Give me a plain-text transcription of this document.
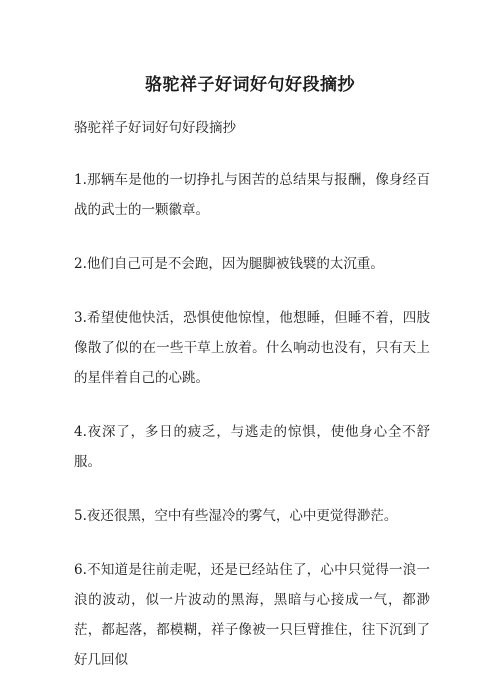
骆驼祥子好词好句好段摘抄

骆驼祥子好词好句好段摘抄

1.那辆车是他的一切挣扎与困苦的总结果与报酬，像身经百战的武士的一颗徽章。

2.他们自己可是不会跑，因为腿脚被钱襞的太沉重。

3.希望使他快活，恐惧使他惊惶，他想睡，但睡不着，四肢像散了似的在一些干草上放着。什么响动也没有，只有天上的星伴着自己的心跳。

4.夜深了，多日的疲乏，与逃走的惊惧，使他身心全不舒服。

5.夜还很黑，空中有些湿冷的雾气，心中更觉得渺茫。

6.不知道是往前走呢，还是已经站住了，心中只觉得一浪一浪的波动，似一片波动的黑海，黑暗与心接成一气，都渺茫，都起落，都模糊，祥子像被一只巨臂推住，往下沉到了好几回似
